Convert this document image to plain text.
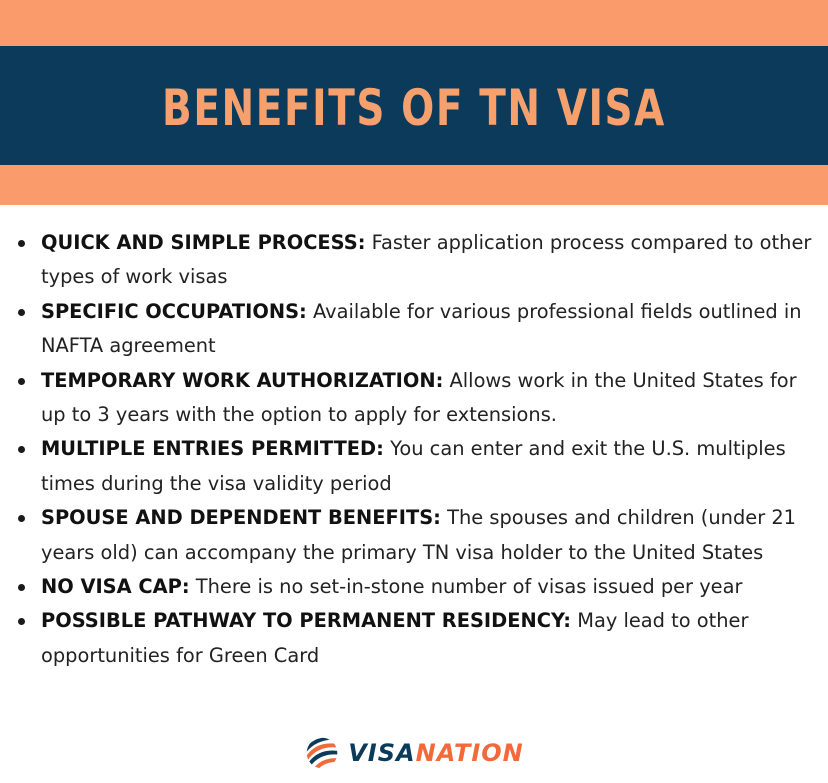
BENEFITS OF TN VISA
QUICK AND SIMPLE PROCESS: Faster application process compared to other types of work visas
SPECIFIC OCCUPATIONS: Available for various professional fields outlined in NAFTA agreement
TEMPORARY WORK AUTHORIZATION: Allows work in the United States for up to 3 years with the option to apply for extensions.
MULTIPLE ENTRIES PERMITTED: You can enter and exit the U.S. multiples times during the visa validity period
SPOUSE AND DEPENDENT BENEFITS: The spouses and children (under 21 years old) can accompany the primary TN visa holder to the United States
NO VISA CAP: There is no set-in-stone number of visas issued per year
POSSIBLE PATHWAY TO PERMANENT RESIDENCY: May lead to other opportunities for Green Card
VISANATION
